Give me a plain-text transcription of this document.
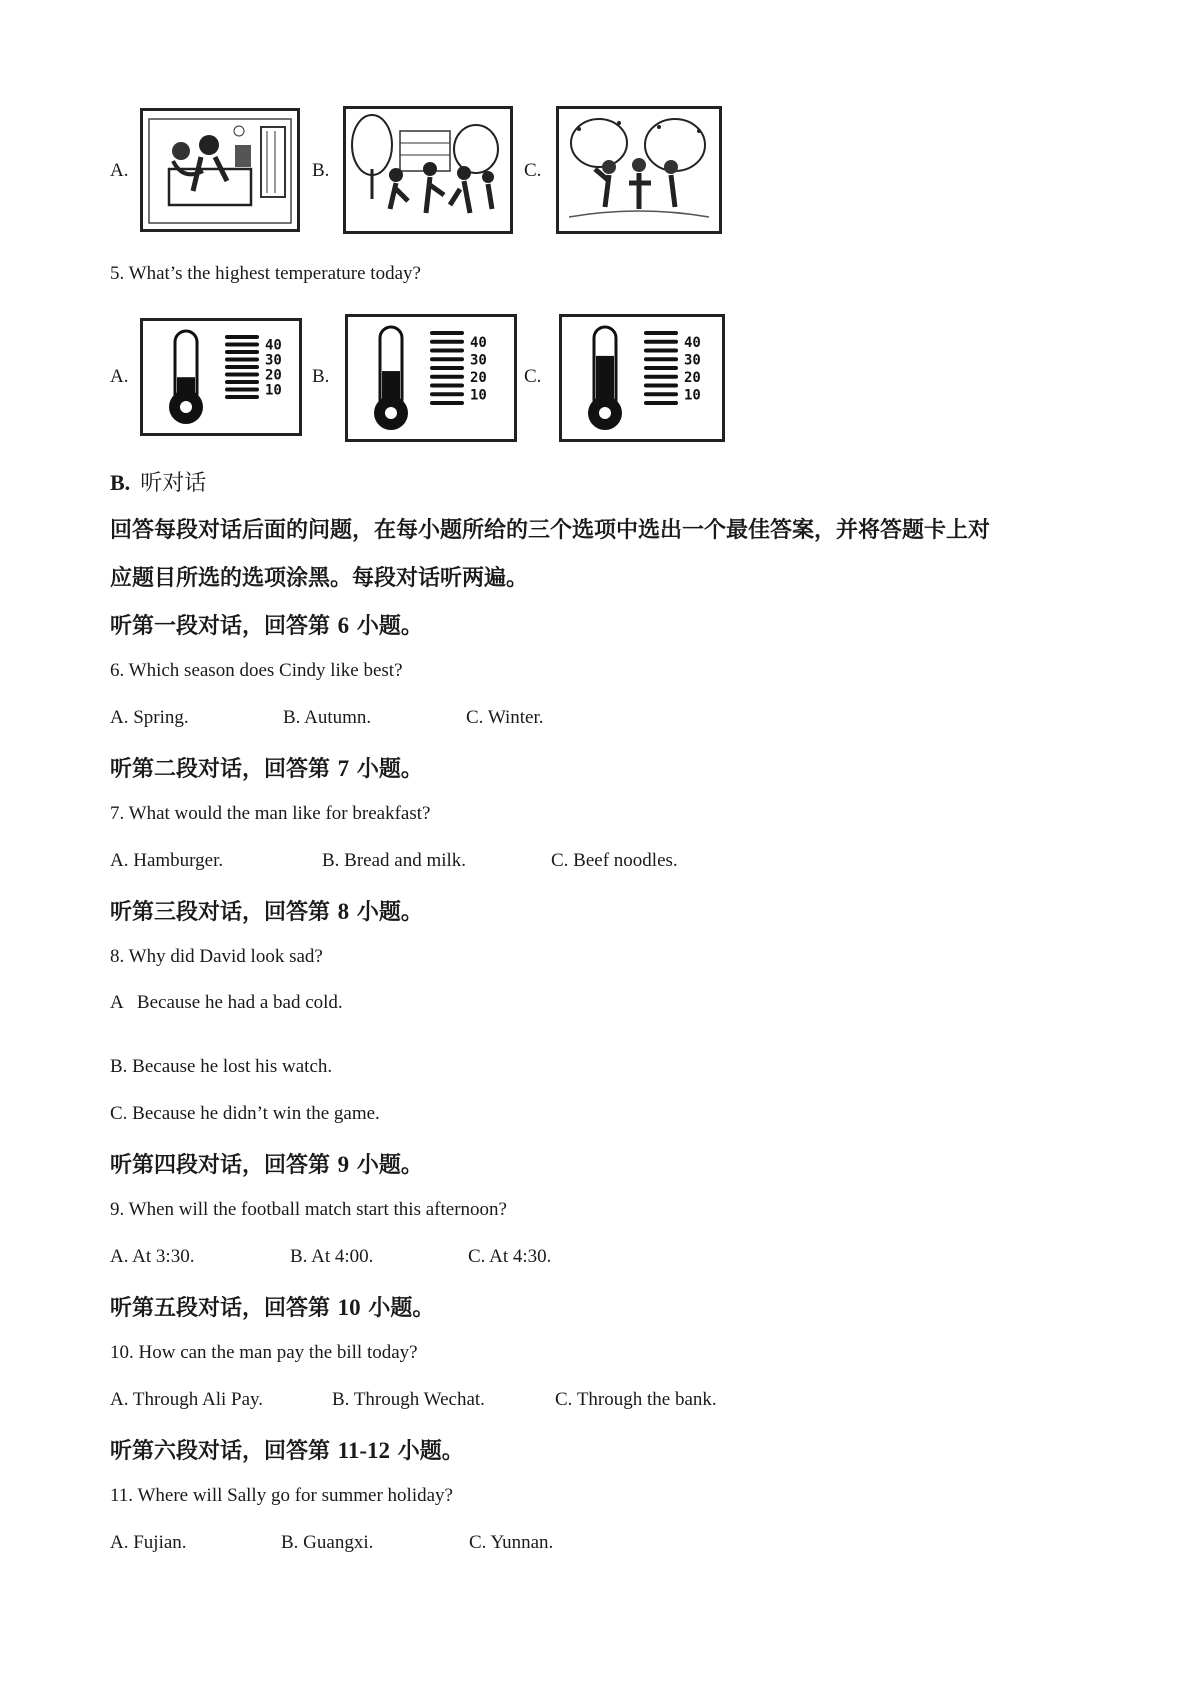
A.	B.	C.
5. What’s the highest temperature today?
A.
40
30
20
10
B.
40
30
20
10
C.
40
30
20
10
B. 听对话
回答每段对话后面的问题，在每小题所给的三个选项中选出一个最佳答案，并将答题卡上对
应题目所选的选项涂黑。每段对话听两遍。
听第一段对话，回答第 6 小题。
6. Which season does Cindy like best?
A. Spring.	B. Autumn.	C. Winter.
听第二段对话，回答第 7 小题。
7. What would the man like for breakfast?
A. Hamburger.	B. Bread and milk.	C. Beef noodles.
听第三段对话，回答第 8 小题。
8. Why did David look sad?
A   Because he had a bad cold.
B. Because he lost his watch.
C. Because he didn’t win the game.
听第四段对话，回答第 9 小题。
9. When will the football match start this afternoon?
A. At 3:30.	B. At 4:00.	C. At 4:30.
听第五段对话，回答第 10 小题。
10. How can the man pay the bill today?
A. Through Ali Pay.	B. Through Wechat.	C. Through the bank.
听第六段对话，回答第 11-12 小题。
11. Where will Sally go for summer holiday?
A. Fujian.	B. Guangxi.	C. Yunnan.
